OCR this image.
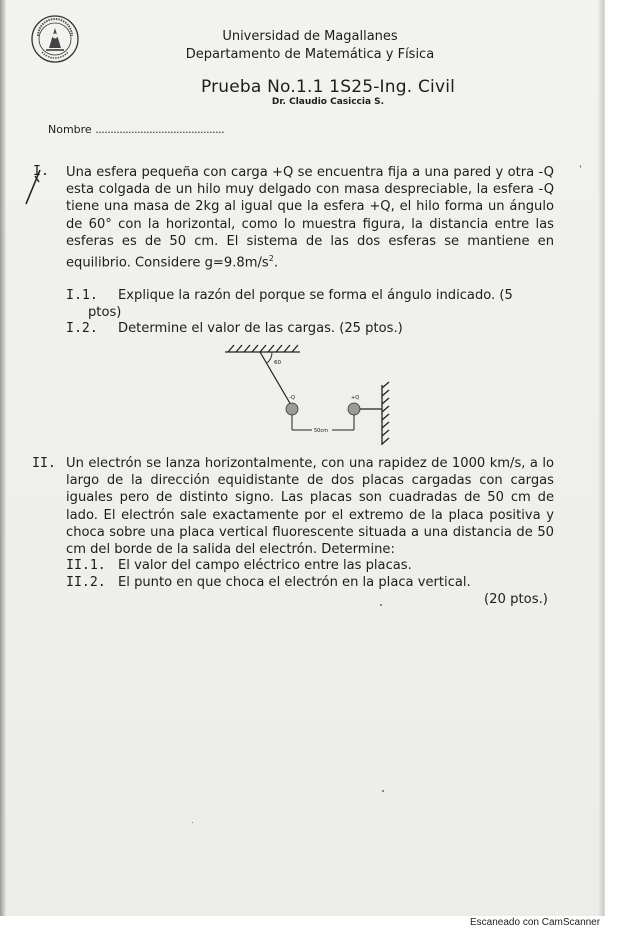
Universidad de Magallanes
Departamento de Matemática y Física
Prueba No.1.1 1S25-Ing. Civil
Dr. Claudio Casiccia S.
Nombre ...........................................
I. Una esfera pequeña con carga +Q se encuentra fija a una pared y otra -Q esta colgada de un hilo muy delgado con masa despreciable, la esfera -Q tiene una masa de 2kg al igual que la esfera +Q, el hilo forma un ángulo de 60° con la horizontal, como lo muestra figura, la distancia entre las esferas es de 50 cm. El sistema de las dos esferas se mantiene en equilibrio. Considere $g=9.8m/s^2$.
I.1. Explique la razón del porque se forma el ángulo indicado. (5
ptos)
I.2. Determine el valor de las cargas. (25 ptos.)
60
-Q	+Q
50cm
II. Un electrón se lanza horizontalmente, con una rapidez de 1000 km/s, a lo largo de la dirección equidistante de dos placas cargadas con cargas iguales pero de distinto signo. Las placas son cuadradas de 50 cm de lado. El electrón sale exactamente por el extremo de la placa positiva y choca sobre una placa vertical fluorescente situada a una distancia de 50 cm del borde de la salida del electrón. Determine:
II.1. El valor del campo eléctrico entre las placas.
II.2. El punto en que choca el electrón en la placa vertical.
(20 ptos.)
Escaneado con CamScanner
